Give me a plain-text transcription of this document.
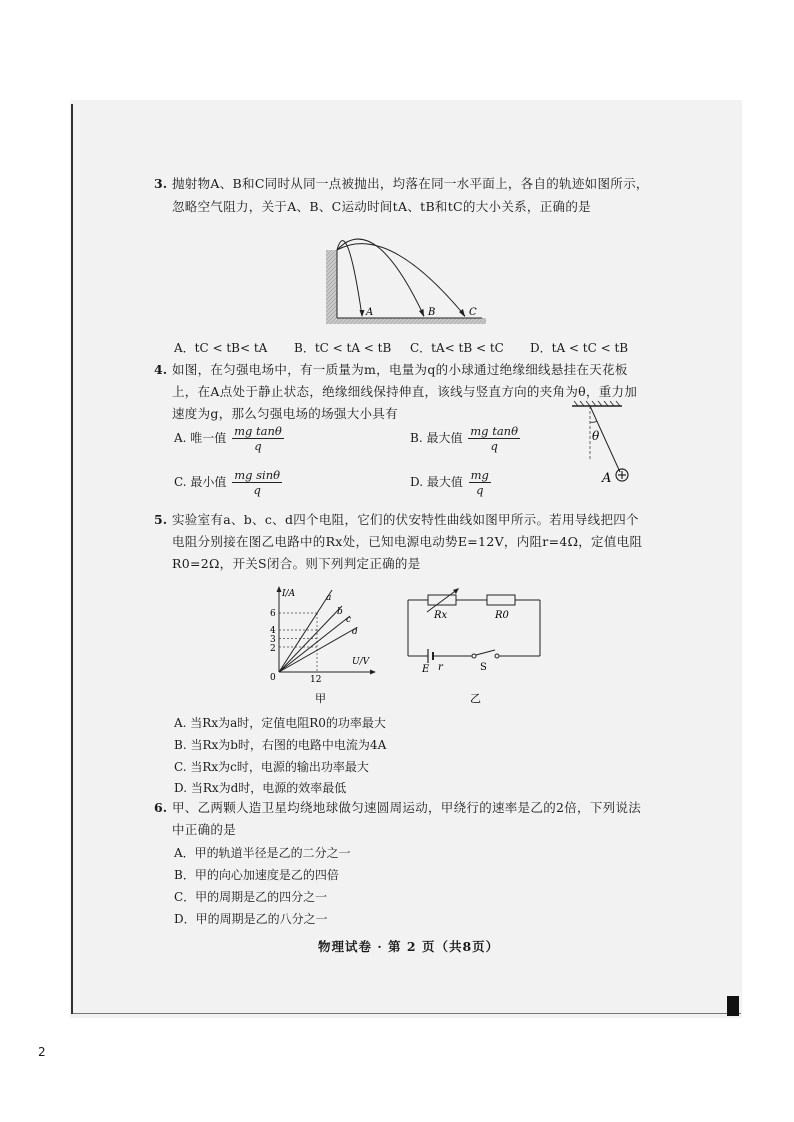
3. 抛射物A、B和C同时从同一点被抛出，均落在同一水平面上，各自的轨迹如图所示，
忽略空气阻力，关于A、B、C运动时间tA、tB和tC的大小关系，正确的是
A	B	C
A．tC < tB< tA B．tC < tA < tB C．tA< tB < tC D．tA < tC < tB
4. 如图，在匀强电场中，有一质量为m，电量为q的小球通过绝缘细线悬挂在天花板
上，在A点处于静止状态，绝缘细线保持伸直，该线与竖直方向的夹角为θ，重力加
速度为g，那么匀强电场的场强大小具有
A. 唯一值 $\frac{\text{mg tanθ}}{q}$	B. 最大值 $\frac{\text{mg tanθ}}{q}$
C. 最小值 $\frac{\text{mg sinθ}}{q}$	D. 最大值 $\frac{mg}{q}$
θ
A
5. 实验室有a、b、c、d四个电阻，它们的伏安特性曲线如图甲所示。若用导线把四个
电阻分别接在图乙电路中的Rx处，已知电源电动势E=12V，内阻r=4Ω，定值电阻
R0=2Ω，开关S闭合。则下列判定正确的是
I/A
U/V
0
6
4
3
2
12
a
b
c
d
甲
Rx	R0
E r	S
乙
A. 当Rx为a时，定值电阻R0的功率最大
B. 当Rx为b时，右图的电路中电流为4A
C. 当Rx为c时，电源的输出功率最大
D. 当Rx为d时，电源的效率最低
6. 甲、乙两颗人造卫星均绕地球做匀速圆周运动，甲绕行的速率是乙的2倍，下列说法
中正确的是
A．甲的轨道半径是乙的二分之一
B．甲的向心加速度是乙的四倍
C．甲的周期是乙的四分之一
D．甲的周期是乙的八分之一
物理试卷 · 第 2 页（共8页）
2
